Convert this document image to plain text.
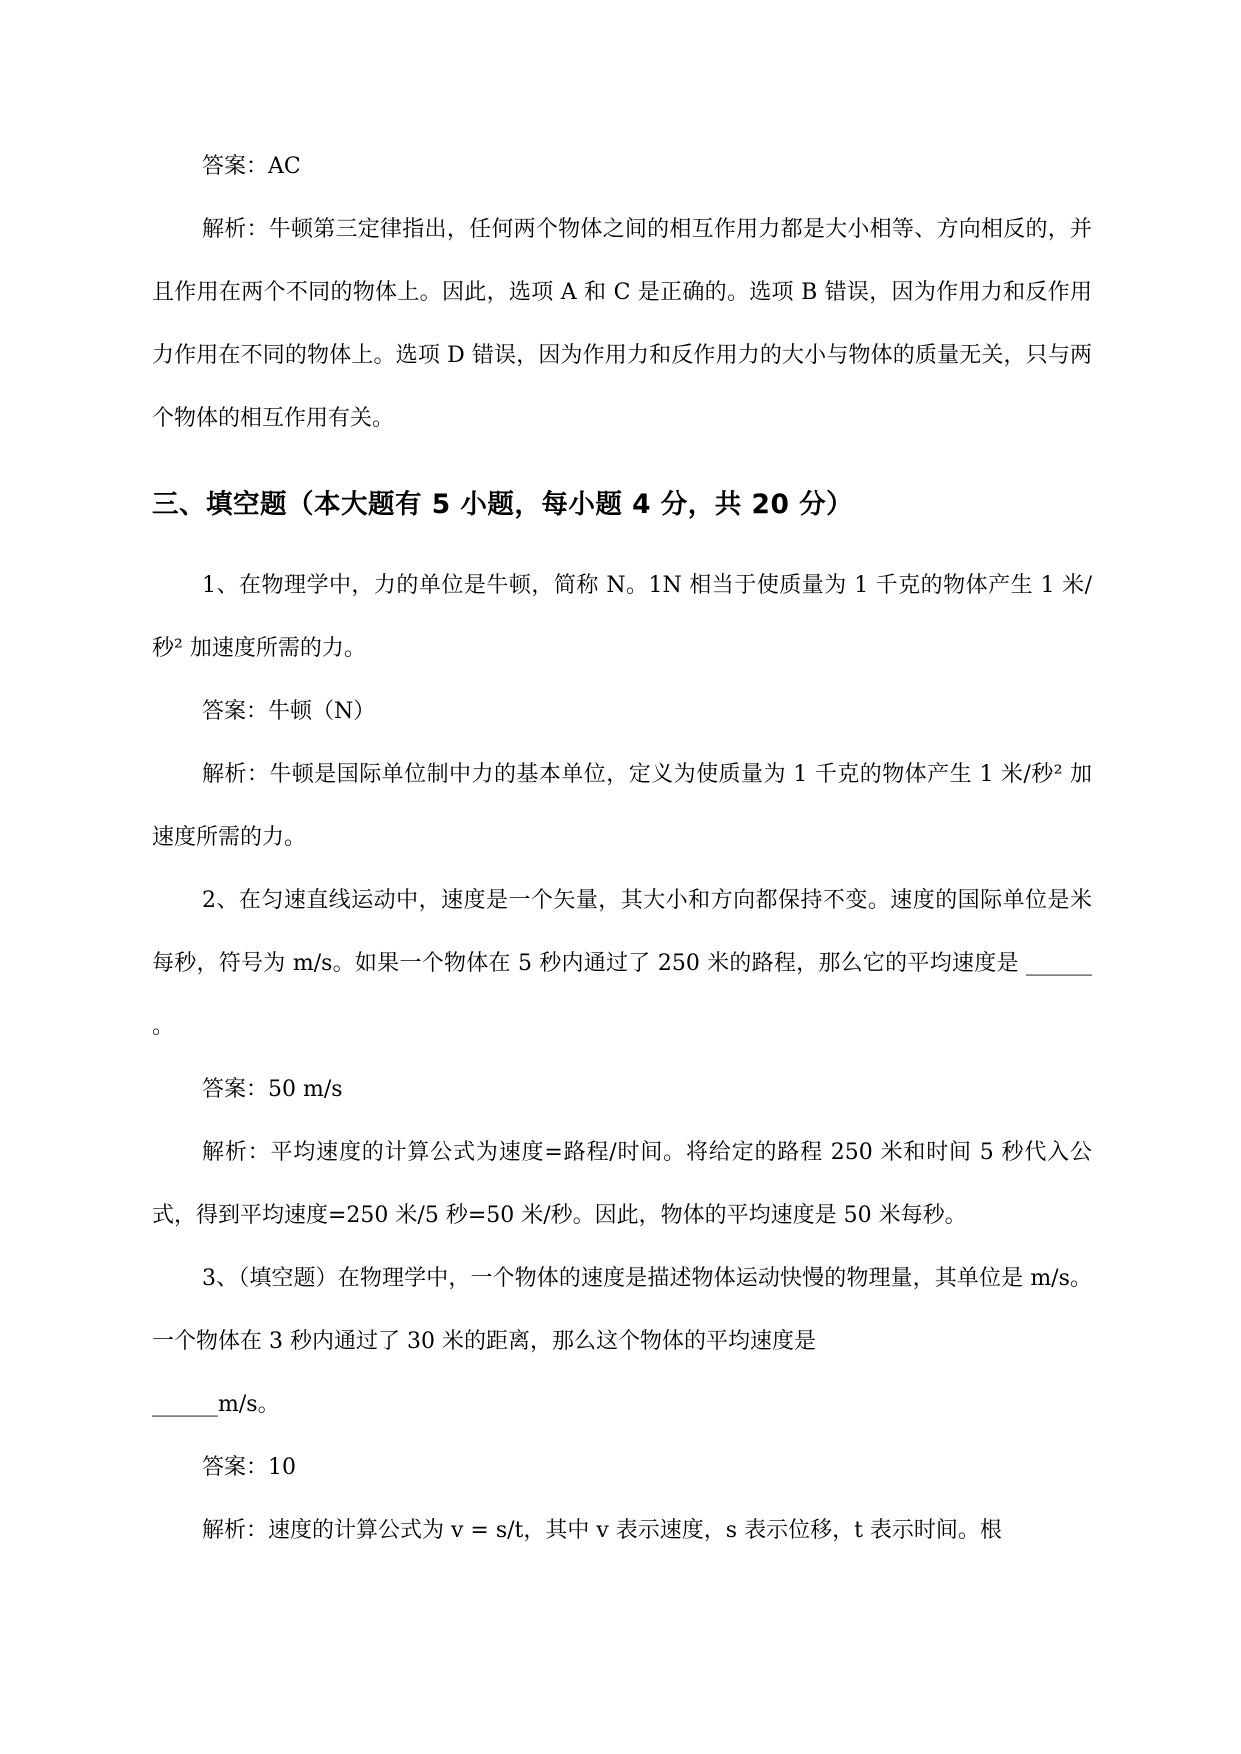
答案：AC

解析：牛顿第三定律指出，任何两个物体之间的相互作用力都是大小相等、方向相反的，并且作用在两个不同的物体上。因此，选项 A 和 C 是正确的。选项 B 错误，因为作用力和反作用力作用在不同的物体上。选项 D 错误，因为作用力和反作用力的大小与物体的质量无关，只与两个物体的相互作用有关。

三、填空题（本大题有 5 小题，每小题 4 分，共 20 分）

1、在物理学中，力的单位是牛顿，简称 N。1N 相当于使质量为 1 千克的物体产生 1 米/秒² 加速度所需的力。

答案：牛顿（N）

解析：牛顿是国际单位制中力的基本单位，定义为使质量为 1 千克的物体产生 1 米/秒² 加速度所需的力。

2、在匀速直线运动中，速度是一个矢量，其大小和方向都保持不变。速度的国际单位是米每秒，符号为 m/s。如果一个物体在 5 秒内通过了 250 米的路程，那么它的平均速度是 ______ 。

答案：50 m/s

解析：平均速度的计算公式为速度=路程/时间。将给定的路程 250 米和时间 5 秒代入公式，得到平均速度=250 米/5 秒=50 米/秒。因此，物体的平均速度是 50 米每秒。

3、（填空题）在物理学中，一个物体的速度是描述物体运动快慢的物理量，其单位是 m/s。一个物体在 3 秒内通过了 30 米的距离，那么这个物体的平均速度是

______m/s。

答案：10

解析：速度的计算公式为 v = s/t，其中 v 表示速度，s 表示位移，t 表示时间。根
